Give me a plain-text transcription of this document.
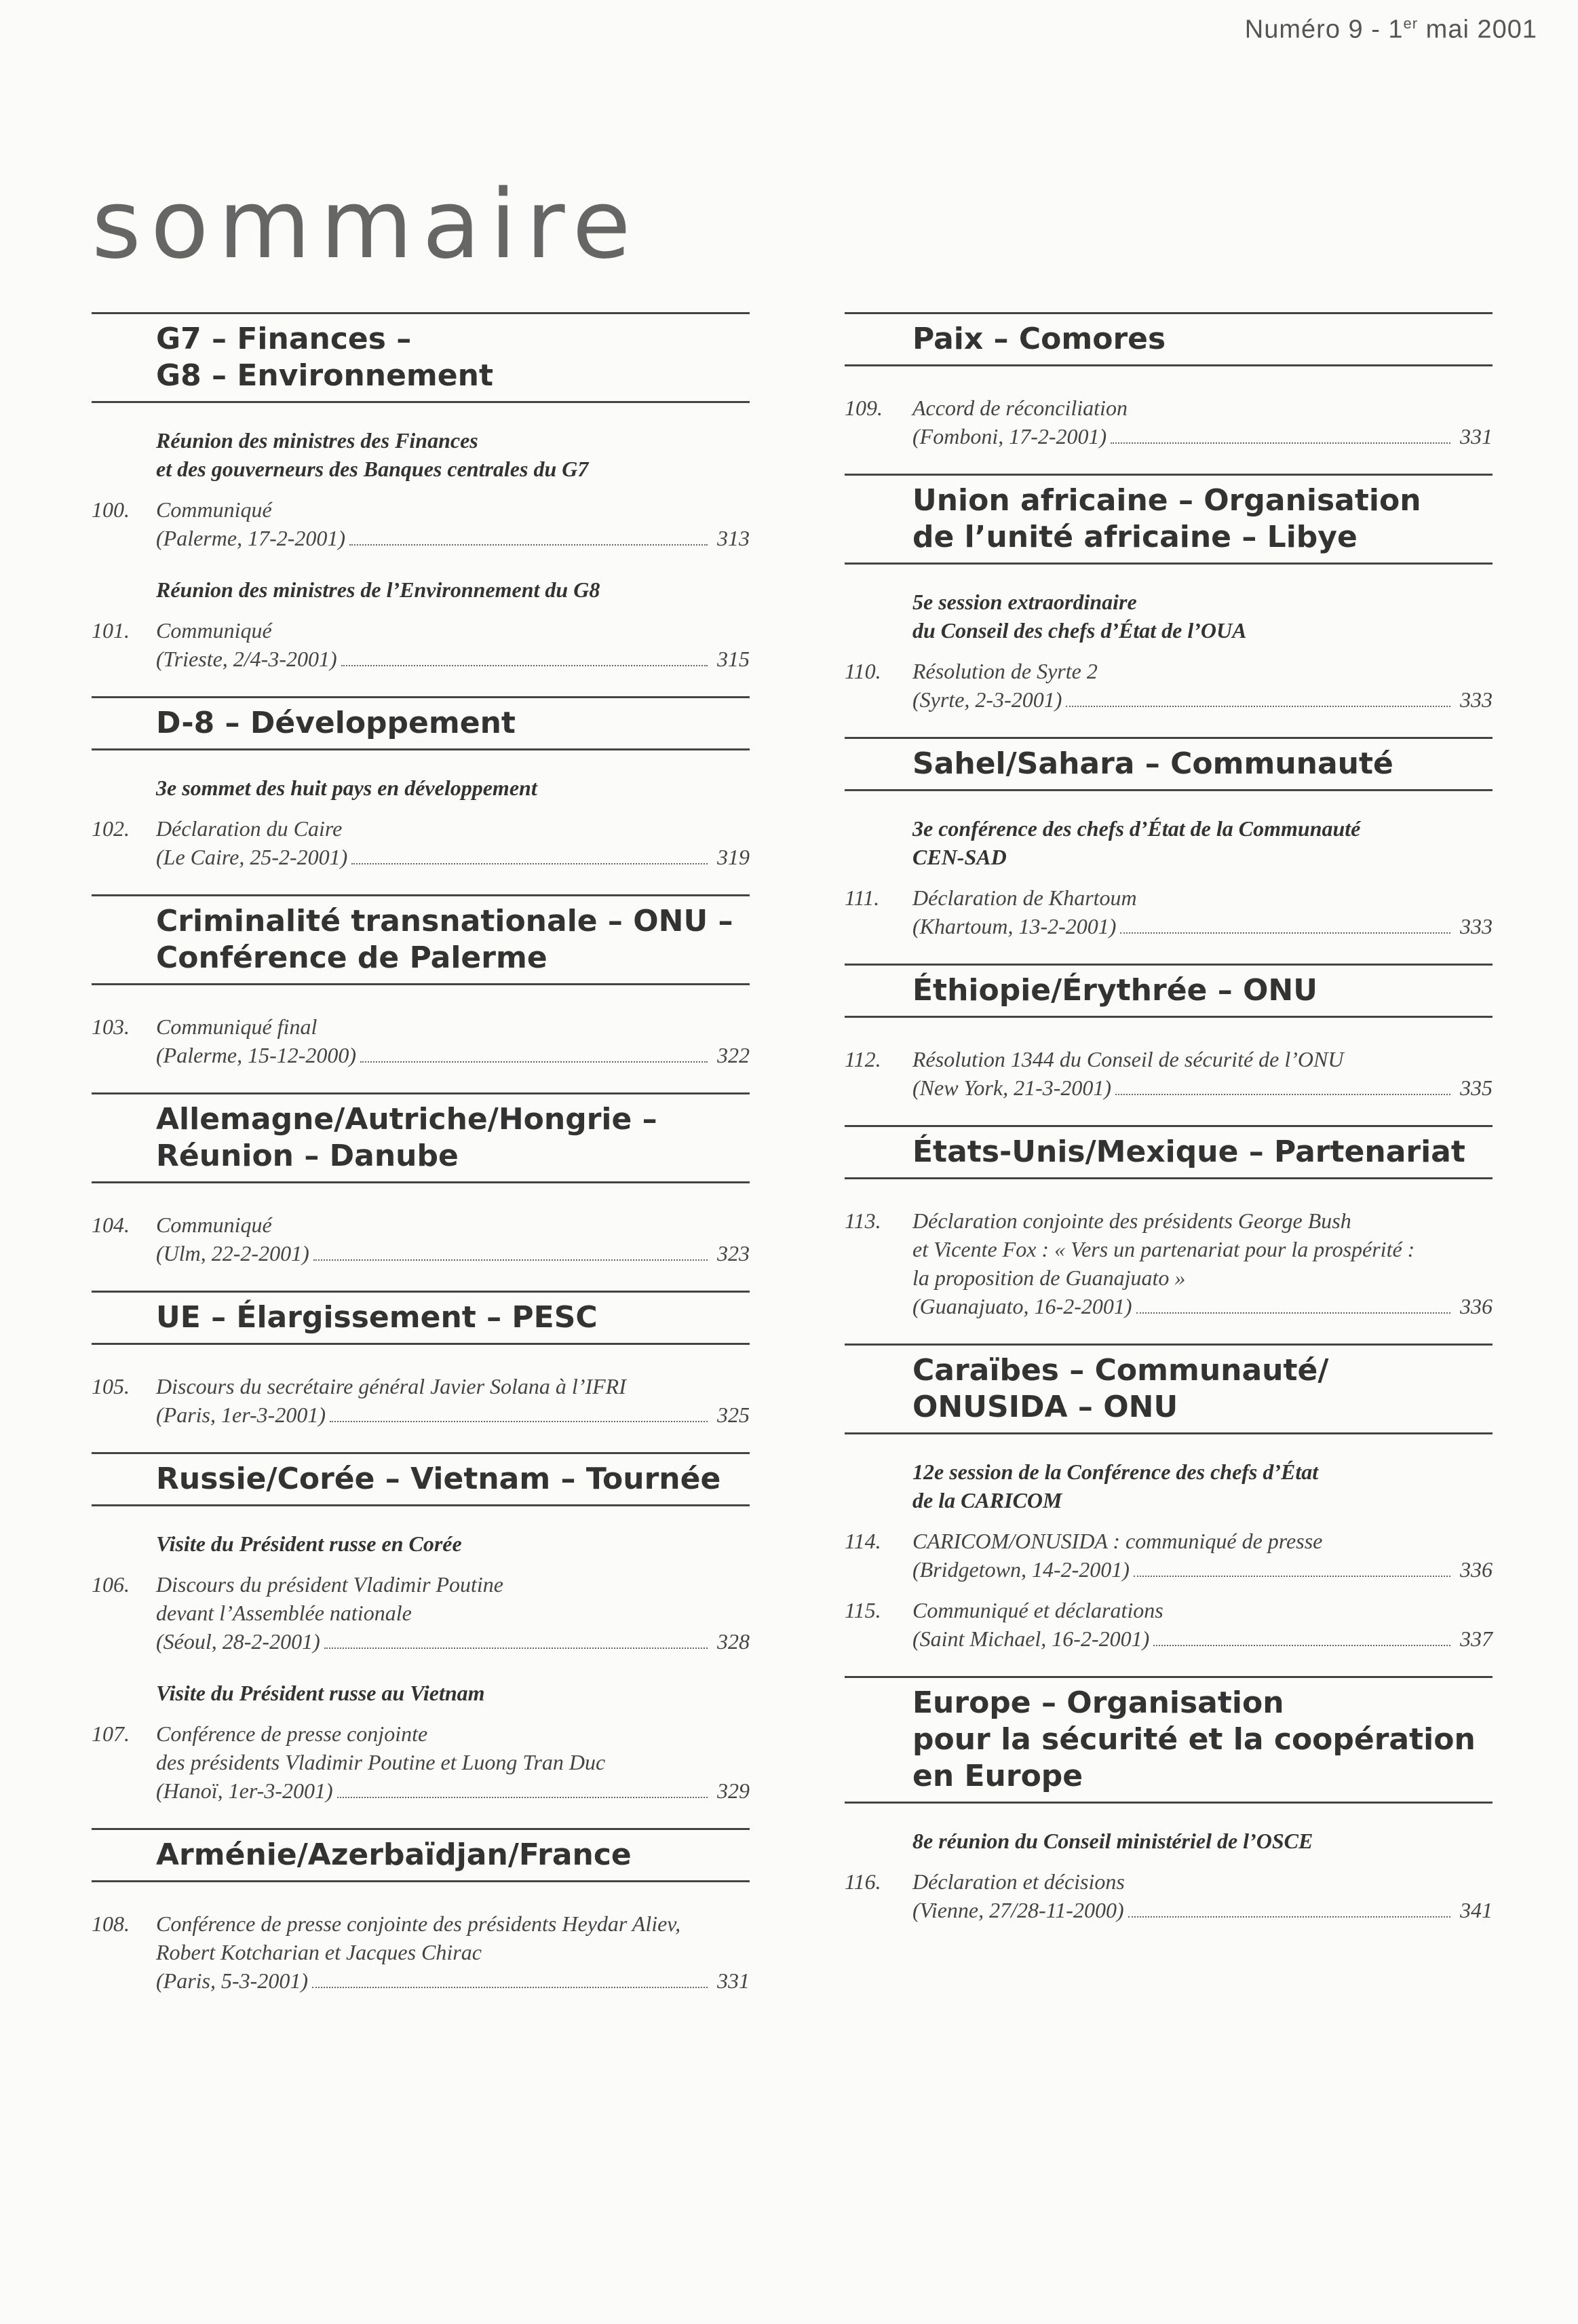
Numéro 9 - 1er mai 2001
sommaire
G7 – Finances –
G8 – Environnement
Réunion des ministres des Finances
et des gouverneurs des Banques centrales du G7
100.	Communiqué
(Palerme, 17-2-2001)	313
Réunion des ministres de l’Environnement du G8
101.	Communiqué
(Trieste, 2/4-3-2001)	315
D-8 – Développement
3e sommet des huit pays en développement
102.	Déclaration du Caire
(Le Caire, 25-2-2001)	319
Criminalité transnationale – ONU –
Conférence de Palerme
103.	Communiqué final
(Palerme, 15-12-2000)	322
Allemagne/Autriche/Hongrie –
Réunion – Danube
104.	Communiqué
(Ulm, 22-2-2001)	323
UE – Élargissement – PESC
105.	Discours du secrétaire général Javier Solana à l’IFRI
(Paris, 1er-3-2001)	325
Russie/Corée – Vietnam – Tournée
Visite du Président russe en Corée
106.	Discours du président Vladimir Poutine
devant l’Assemblée nationale
(Séoul, 28-2-2001)	328
Visite du Président russe au Vietnam
107.	Conférence de presse conjointe
des présidents Vladimir Poutine et Luong Tran Duc
(Hanoï, 1er-3-2001)	329
Arménie/Azerbaïdjan/France
108.	Conférence de presse conjointe des présidents Heydar Aliev,
Robert Kotcharian et Jacques Chirac
(Paris, 5-3-2001)	331
Paix – Comores
109.	Accord de réconciliation
(Fomboni, 17-2-2001)	331
Union africaine – Organisation
de l’unité africaine – Libye
5e session extraordinaire
du Conseil des chefs d’État de l’OUA
110.	Résolution de Syrte 2
(Syrte, 2-3-2001)	333
Sahel/Sahara – Communauté
3e conférence des chefs d’État de la Communauté
CEN-SAD
111.	Déclaration de Khartoum
(Khartoum, 13-2-2001)	333
Éthiopie/Érythrée – ONU
112.	Résolution 1344 du Conseil de sécurité de l’ONU
(New York, 21-3-2001)	335
États-Unis/Mexique – Partenariat
113.	Déclaration conjointe des présidents George Bush
et Vicente Fox : « Vers un partenariat pour la prospérité :
la proposition de Guanajuato »
(Guanajuato, 16-2-2001)	336
Caraïbes – Communauté/
ONUSIDA – ONU
12e session de la Conférence des chefs d’État
de la CARICOM
114.	CARICOM/ONUSIDA : communiqué de presse
(Bridgetown, 14-2-2001)	336
115.	Communiqué et déclarations
(Saint Michael, 16-2-2001)	337
Europe – Organisation
pour la sécurité et la coopération
en Europe
8e réunion du Conseil ministériel de l’OSCE
116.	Déclaration et décisions
(Vienne, 27/28-11-2000)	341
